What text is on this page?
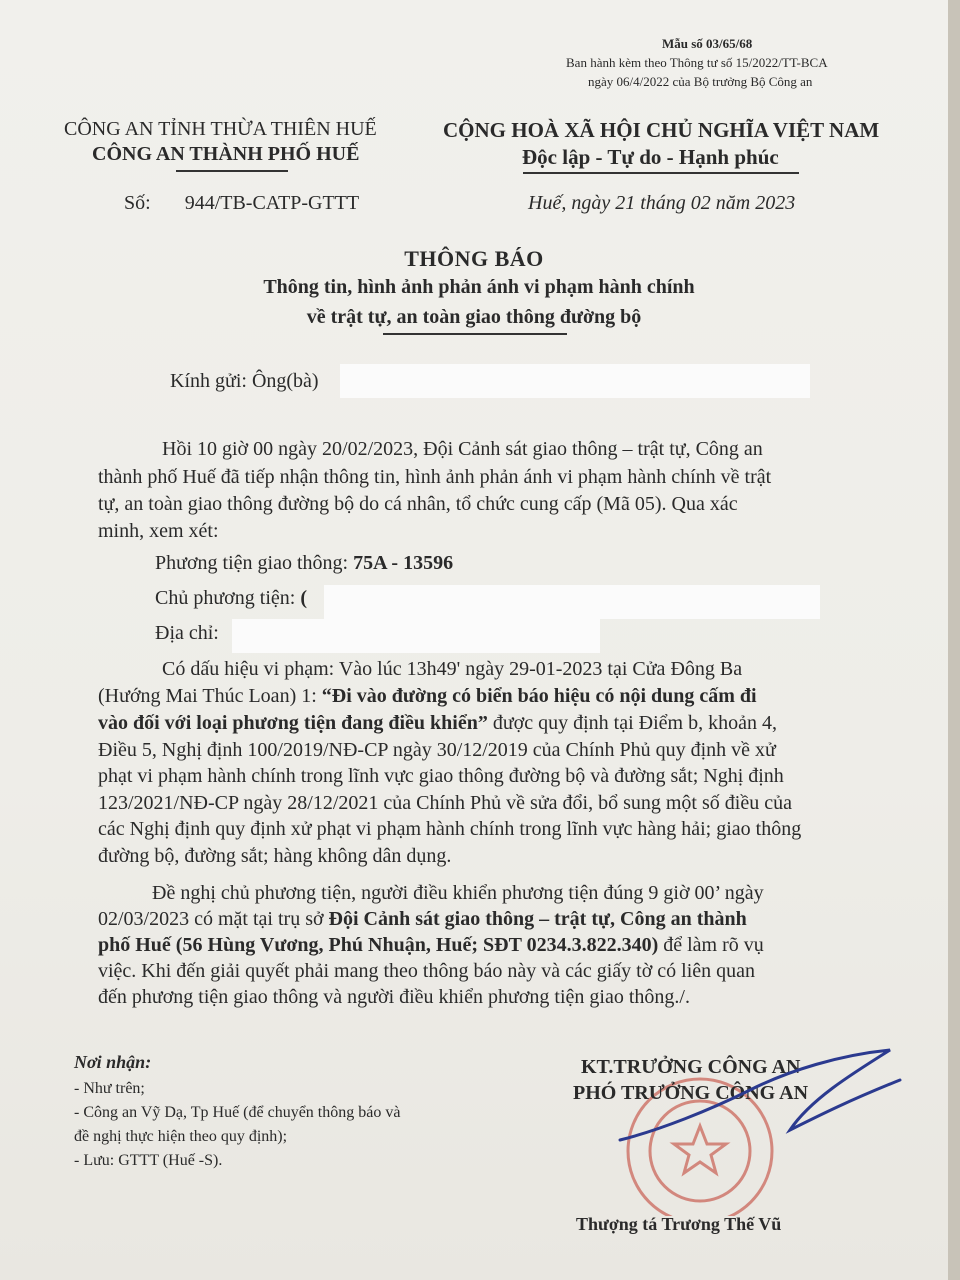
Mẫu số 03/65/68
Ban hành kèm theo Thông tư số 15/2022/TT-BCA
ngày 06/4/2022 của Bộ trưởng Bộ Công an
CÔNG AN TỈNH THỪA THIÊN HUẾ
CÔNG AN THÀNH PHỐ HUẾ
CỘNG HOÀ XÃ HỘI CHỦ NGHĨA VIỆT NAM
Độc lập - Tự do - Hạnh phúc
Số: 944/TB-CATP-GTTT	Huế, ngày 21 tháng 02 năm 2023
THÔNG BÁO
Thông tin, hình ảnh phản ánh vi phạm hành chính
về trật tự, an toàn giao thông đường bộ
Kính gửi: Ông(bà)
Hồi 10 giờ 00 ngày 20/02/2023, Đội Cảnh sát giao thông – trật tự, Công an
thành phố Huế đã tiếp nhận thông tin, hình ảnh phản ánh vi phạm hành chính về trật
tự, an toàn giao thông đường bộ do cá nhân, tổ chức cung cấp (Mã 05). Qua xác
minh, xem xét:
Phương tiện giao thông: 75A - 13596
Chủ phương tiện: (
Địa chỉ:
Có dấu hiệu vi phạm: Vào lúc 13h49' ngày 29-01-2023 tại Cửa Đông Ba
(Hướng Mai Thúc Loan) 1: “Đi vào đường có biển báo hiệu có nội dung cấm đi
vào đối với loại phương tiện đang điều khiển” được quy định tại Điểm b, khoản 4,
Điều 5, Nghị định 100/2019/NĐ-CP ngày 30/12/2019 của Chính Phủ quy định về xử
phạt vi phạm hành chính trong lĩnh vực giao thông đường bộ và đường sắt; Nghị định
123/2021/NĐ-CP ngày 28/12/2021 của Chính Phủ về sửa đổi, bổ sung một số điều của
các Nghị định quy định xử phạt vi phạm hành chính trong lĩnh vực hàng hải; giao thông
đường bộ, đường sắt; hàng không dân dụng.
Đề nghị chủ phương tiện, người điều khiển phương tiện đúng 9 giờ 00’ ngày
02/03/2023 có mặt tại trụ sở Đội Cảnh sát giao thông – trật tự, Công an thành
phố Huế (56 Hùng Vương, Phú Nhuận, Huế; SĐT 0234.3.822.340) để làm rõ vụ
việc. Khi đến giải quyết phải mang theo thông báo này và các giấy tờ có liên quan
đến phương tiện giao thông và người điều khiển phương tiện giao thông./.
Nơi nhận:
- Như trên;
- Công an Vỹ Dạ, Tp Huế (để chuyển thông báo và
đề nghị thực hiện theo quy định);
- Lưu: GTTT (Huế -S).
KT.TRƯỞNG CÔNG AN
PHÓ TRƯỞNG CÔNG AN
Thượng tá Trương Thế Vũ
